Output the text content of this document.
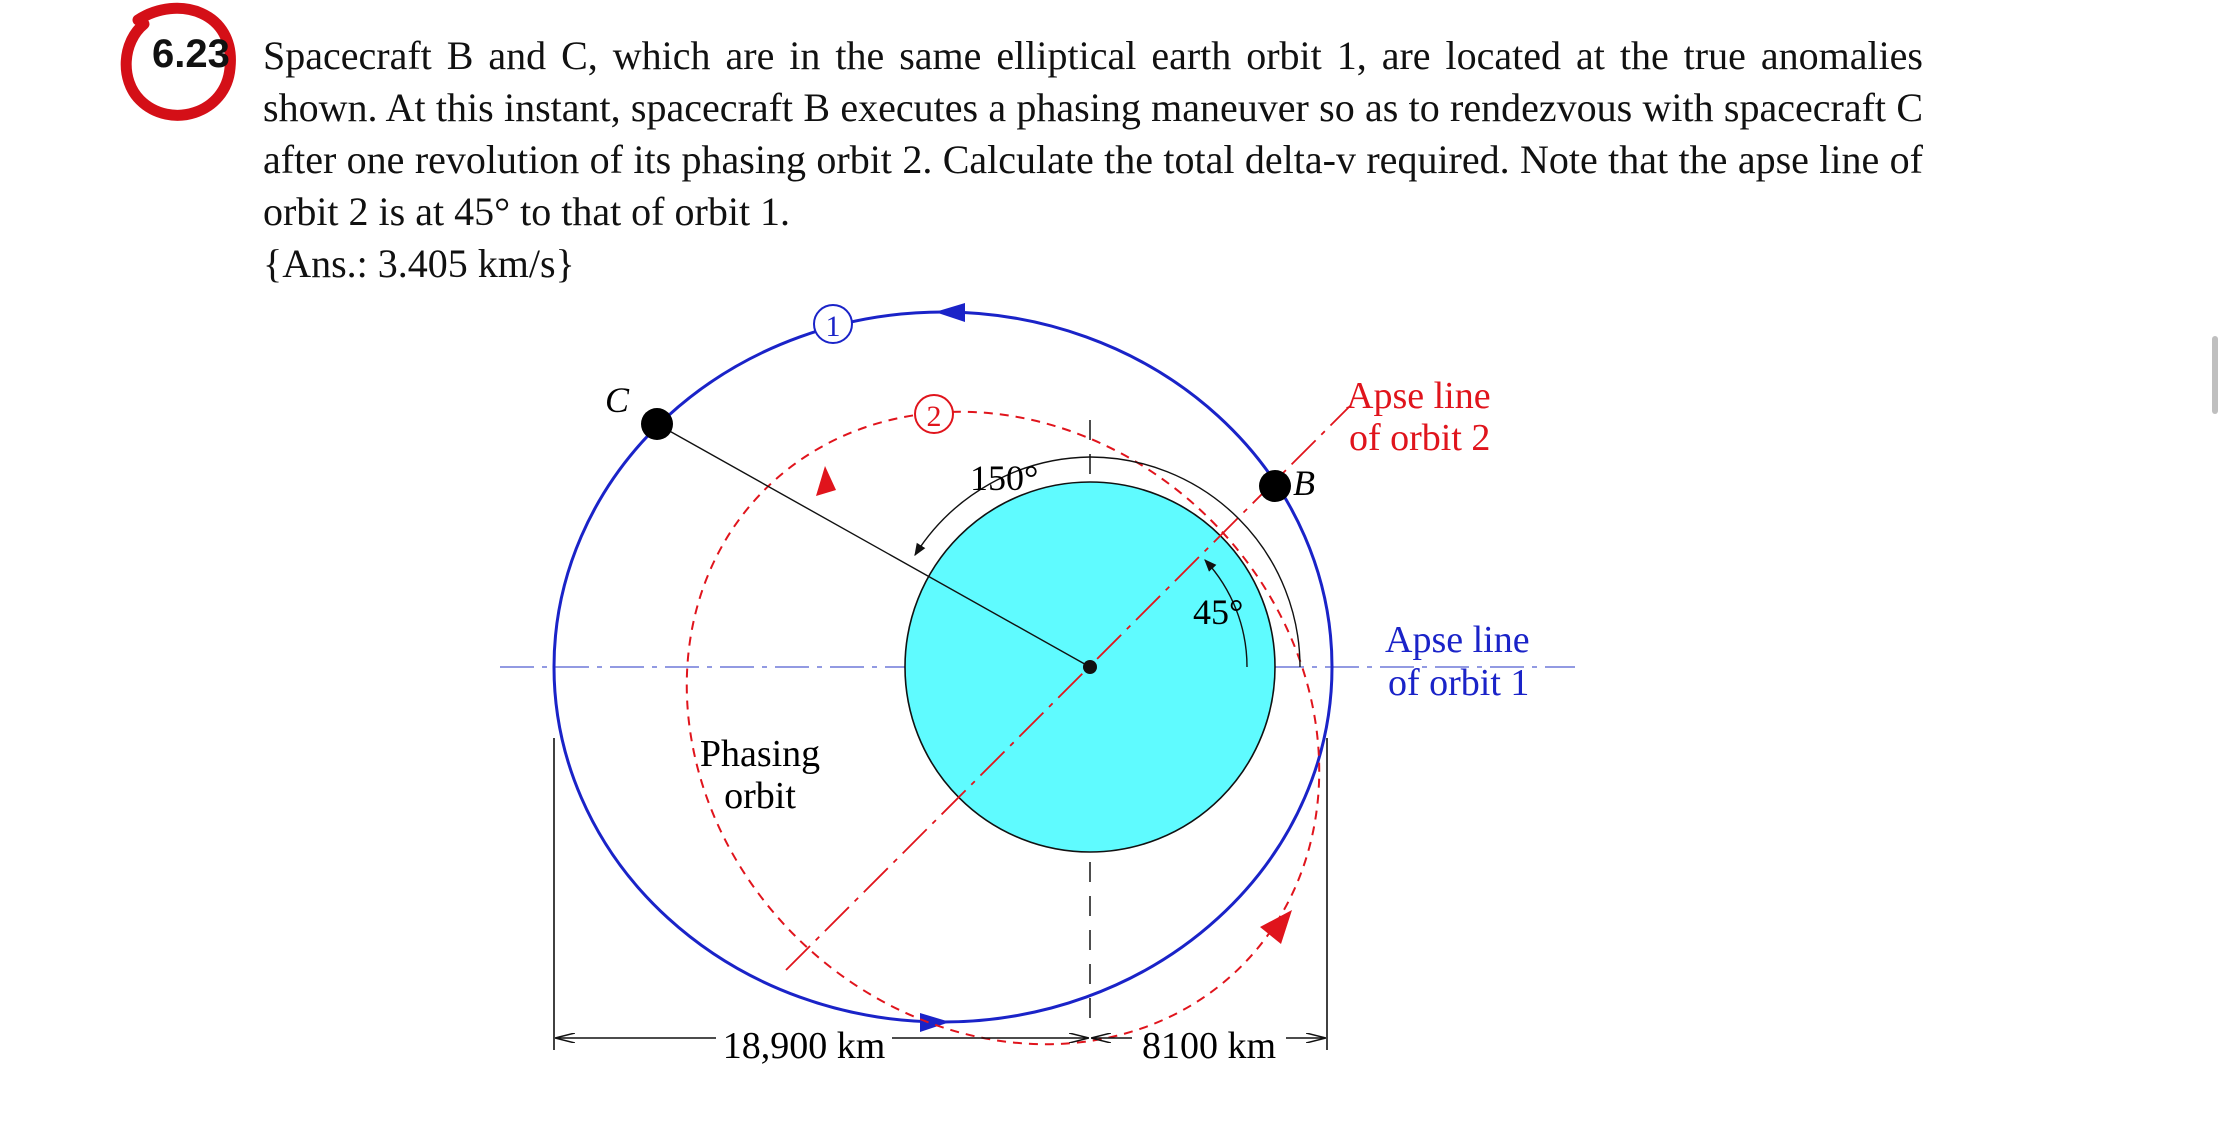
6.23 Spacecraft B and C, which are in the same elliptical earth orbit 1, are located at the true anomalies shown. At this instant, spacecraft B executes a phasing maneuver so as to rendezvous with spacecraft C after one revolution of its phasing orbit 2. Calculate the total delta-v required. Note that the apse line of orbit 2 is at 45° to that of orbit 1.

{Ans.: 3.405 km/s}
1
2
C
B
150°
45°
Apse line
of orbit 2
Apse line
of orbit 1
Phasing
orbit
18,900 km	8100 km
